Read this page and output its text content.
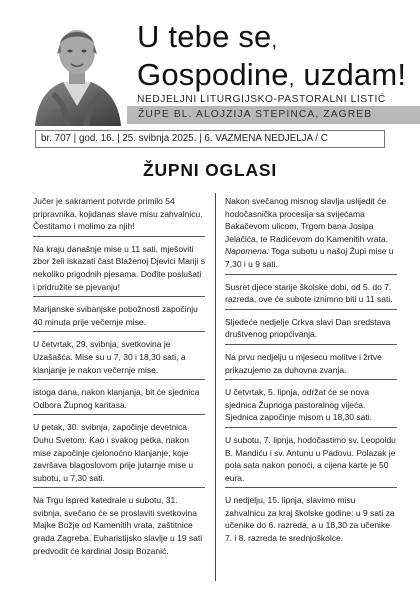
U tebe se,
Gospodine, uzdam!
NEDJELJNI LITURGIJSKO-PASTORALNI LISTIĆ
ŽUPE BL. ALOJZIJA STEPINCA, ZAGREB
br. 707 | god. 16. | 25. svibnja 2025. | 6. VAZMENA NEDJELJA / C
ŽUPNI OGLASI
Jučer je sakrament potvrde primilo 54 pripravnika, kojidanas slave misu zahvalnicu. Čestitamo i molimo za njih!
Na kraju današnje mise u 11 sati, mješoviti zbor želi iskazati čast Blaženoj Djevici Mariji s nekoliko prigodnih pjesama. Dođite poslušati i pridružite se pjevanju!
Marijanske svibanjske pobožnosti započinju 40 minuta prije večernje mise.
U četvrtak, 29. svibnja, svetkovina je Uzašašća. Mise su u 7, 30 i 18,30 sati, a klanjanje je nakon večernje mise.
istoga dana, nakon klanjanja, bit će sjednica Odbora Župnog karitasa.
U petak, 30. svibnja, započinje devetnica Duhu Svetom. Kao i svakog petka, nakon mise započinje cjelonoćno klanjanje, koje završava blagoslovom prije jutarnje mise u subotu, u 7,30 sati.
Na Trgu ispred katedrale u subotu, 31. svibnja, svečano će se proslaviti svetkovina Majke Božje od Kamenitih vrata, zaštitnice grada Zagreba. Euharistijsko slavlje u 19 sati predvodit će kardinal Josip Bozanić.
Nakon svečanog misnog slavlja uslijedit će hodočasnička procesija sa svijećama Bakačevom ulicom, Trgom bana Josipa Jelačića, te Radićevom do Kamenitih vrata.
Napomena: Toga subotu u našoj Župi mise u 7,30 i u 9 sati.
Susret djece starije školske dobi, od 5. do 7. razreda, ove će subote iznimno biti u 11 sati.
Sljedeće nedjelje Crkva slavi Dan sredstava društvenog priopćivanja.
Na prvu nedjelju u mjesecu molitve i žrtve prikazujemo za duhovna zvanja.
U četvrtak, 5. lipnja, održat će se nova sjednica Župnoga pastoralnog vijeća. Sjednica započinje misom u 18,30 sati.
U subotu, 7. lipnja, hodočastimo sv. Leopoldu B. Mandiću i sv. Antunu u Padovu. Polazak je pola sata nakon ponoći, a cijena karte je 50 eura.
U nedjelju, 15. lipnja, slavimo misu zahvalnicu za kraj školske godine: u 9 sati za učenike do 6. razreda, a u 18,30 za učenike 7. i 8. razreda te srednjoškolce.
